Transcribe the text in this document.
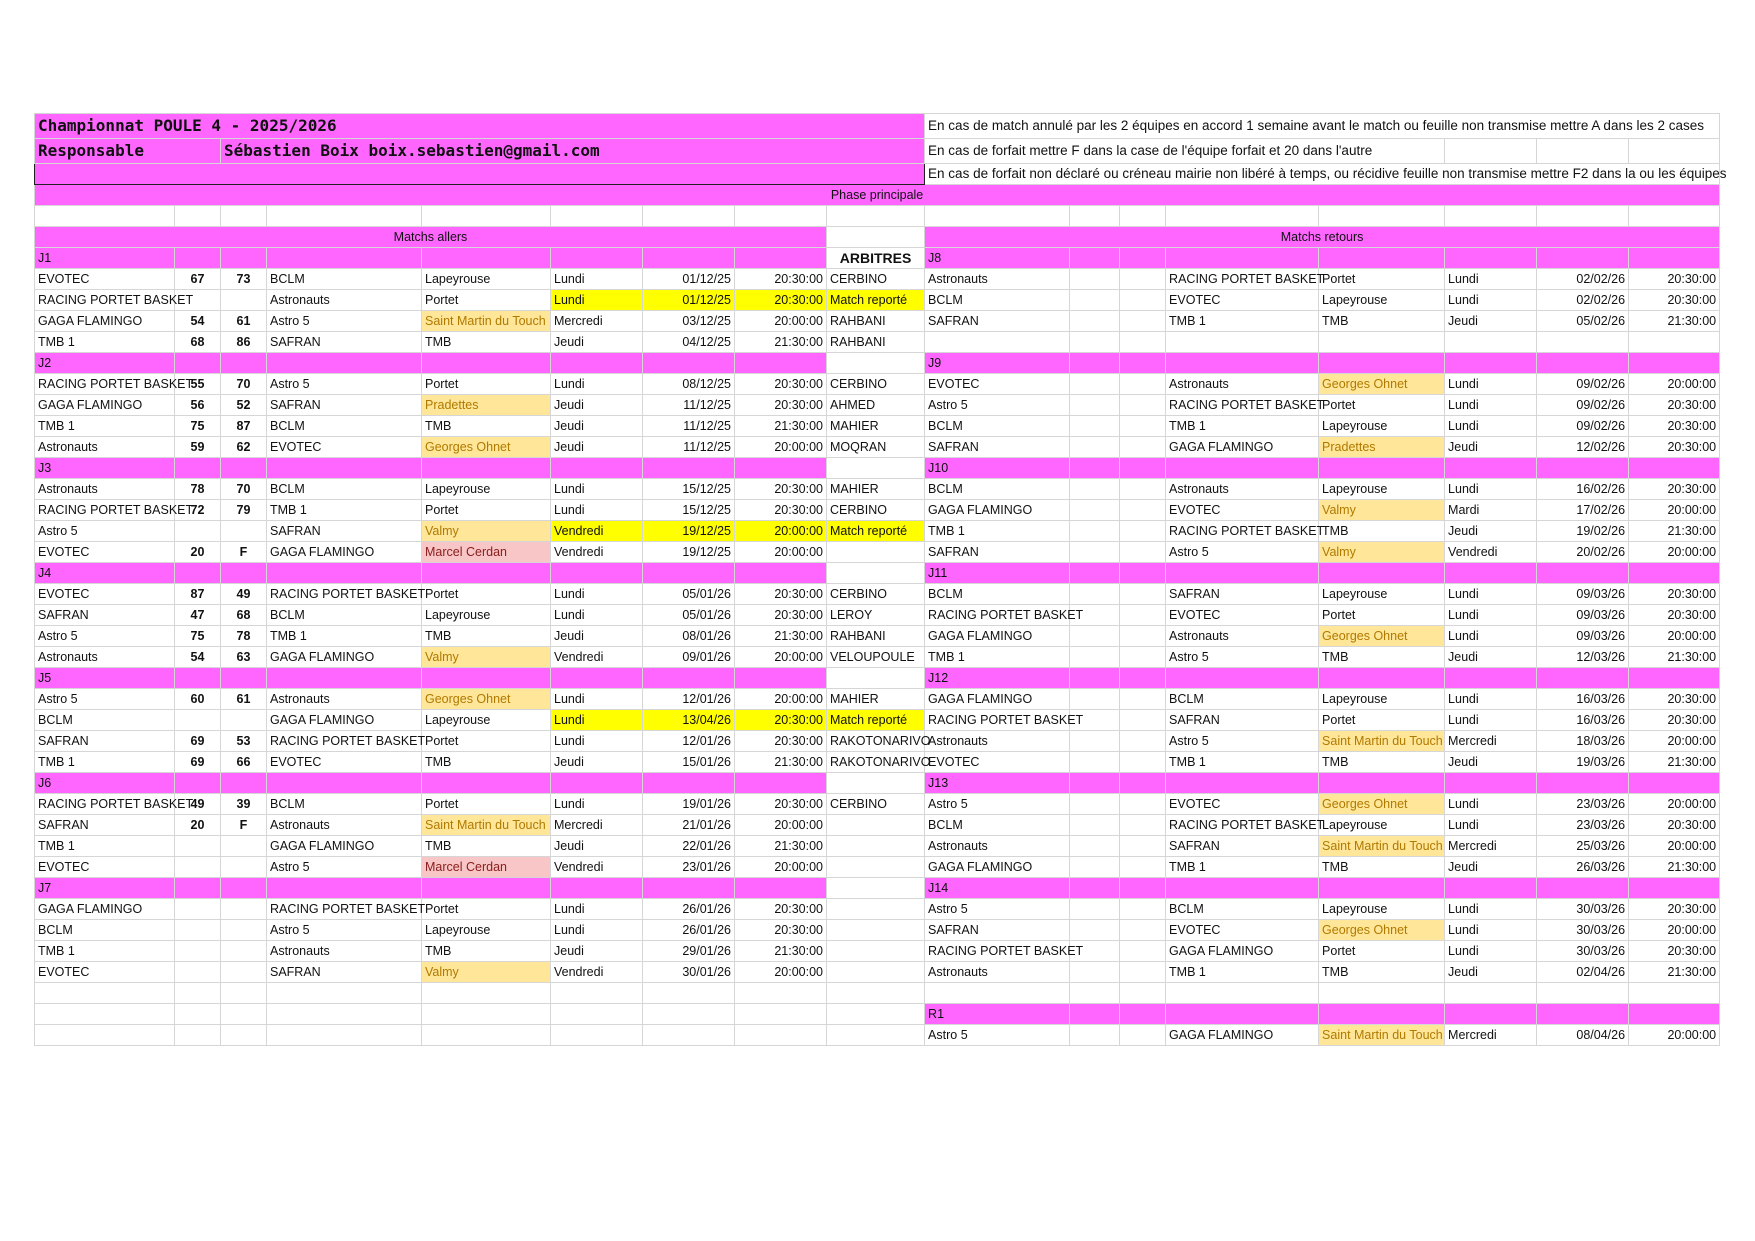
Championnat POULE 4 - 2025/2026									En cas de match annulé par les 2 équipes en accord 1 semaine avant le match ou feuille non transmise mettre A dans les 2 cases							
Responsable		Sébastien Boix boix.sebastien@gmail.com							En cas de forfait mettre F dans la case de l'équipe forfait et 20 dans l'autre							
									En cas de forfait non déclaré ou créneau mairie non libéré à temps, ou récidive feuille non transmise mettre F2 dans la ou les équipes							
Phase principale																

Matchs allers									Matchs retours							
J1								ARBITRES	J8							
EVOTEC	67	73	BCLM	Lapeyrouse	Lundi	01/12/25	20:30:00	CERBINO	Astronauts			RACING PORTET BASKET	Portet	Lundi	02/02/26	20:30:00
RACING PORTET BASKET			Astronauts	Portet	Lundi	01/12/25	20:30:00	Match reporté	BCLM			EVOTEC	Lapeyrouse	Lundi	02/02/26	20:30:00
GAGA FLAMINGO	54	61	Astro 5	Saint Martin du Touch	Mercredi	03/12/25	20:00:00	RAHBANI	SAFRAN			TMB 1	TMB	Jeudi	05/02/26	21:30:00
TMB 1	68	86	SAFRAN	TMB	Jeudi	04/12/25	21:30:00	RAHBANI								
J2									J9							
RACING PORTET BASKET	55	70	Astro 5	Portet	Lundi	08/12/25	20:30:00	CERBINO	EVOTEC			Astronauts	Georges Ohnet	Lundi	09/02/26	20:00:00
GAGA FLAMINGO	56	52	SAFRAN	Pradettes	Jeudi	11/12/25	20:30:00	AHMED	Astro 5			RACING PORTET BASKET	Portet	Lundi	09/02/26	20:30:00
TMB 1	75	87	BCLM	TMB	Jeudi	11/12/25	21:30:00	MAHIER	BCLM			TMB 1	Lapeyrouse	Lundi	09/02/26	20:30:00
Astronauts	59	62	EVOTEC	Georges Ohnet	Jeudi	11/12/25	20:00:00	MOQRAN	SAFRAN			GAGA FLAMINGO	Pradettes	Jeudi	12/02/26	20:30:00
J3									J10							
Astronauts	78	70	BCLM	Lapeyrouse	Lundi	15/12/25	20:30:00	MAHIER	BCLM			Astronauts	Lapeyrouse	Lundi	16/02/26	20:30:00
RACING PORTET BASKET	72	79	TMB 1	Portet	Lundi	15/12/25	20:30:00	CERBINO	GAGA FLAMINGO			EVOTEC	Valmy	Mardi	17/02/26	20:00:00
Astro 5			SAFRAN	Valmy	Vendredi	19/12/25	20:00:00	Match reporté	TMB 1			RACING PORTET BASKET	TMB	Jeudi	19/02/26	21:30:00
EVOTEC	20	F	GAGA FLAMINGO	Marcel Cerdan	Vendredi	19/12/25	20:00:00		SAFRAN			Astro 5	Valmy	Vendredi	20/02/26	20:00:00
J4									J11							
EVOTEC	87	49	RACING PORTET BASKET	Portet	Lundi	05/01/26	20:30:00	CERBINO	BCLM			SAFRAN	Lapeyrouse	Lundi	09/03/26	20:30:00
SAFRAN	47	68	BCLM	Lapeyrouse	Lundi	05/01/26	20:30:00	LEROY	RACING PORTET BASKET			EVOTEC	Portet	Lundi	09/03/26	20:30:00
Astro 5	75	78	TMB 1	TMB	Jeudi	08/01/26	21:30:00	RAHBANI	GAGA FLAMINGO			Astronauts	Georges Ohnet	Lundi	09/03/26	20:00:00
Astronauts	54	63	GAGA FLAMINGO	Valmy	Vendredi	09/01/26	20:00:00	VELOUPOULE	TMB 1			Astro 5	TMB	Jeudi	12/03/26	21:30:00
J5									J12							
Astro 5	60	61	Astronauts	Georges Ohnet	Lundi	12/01/26	20:00:00	MAHIER	GAGA FLAMINGO			BCLM	Lapeyrouse	Lundi	16/03/26	20:30:00
BCLM			GAGA FLAMINGO	Lapeyrouse	Lundi	13/04/26	20:30:00	Match reporté	RACING PORTET BASKET			SAFRAN	Portet	Lundi	16/03/26	20:30:00
SAFRAN	69	53	RACING PORTET BASKET	Portet	Lundi	12/01/26	20:30:00	RAKOTONARIVO	Astronauts			Astro 5	Saint Martin du Touch	Mercredi	18/03/26	20:00:00
TMB 1	69	66	EVOTEC	TMB	Jeudi	15/01/26	21:30:00	RAKOTONARIVO	EVOTEC			TMB 1	TMB	Jeudi	19/03/26	21:30:00
J6									J13							
RACING PORTET BASKET	49	39	BCLM	Portet	Lundi	19/01/26	20:30:00	CERBINO	Astro 5			EVOTEC	Georges Ohnet	Lundi	23/03/26	20:00:00
SAFRAN	20	F	Astronauts	Saint Martin du Touch	Mercredi	21/01/26	20:00:00		BCLM			RACING PORTET BASKET	Lapeyrouse	Lundi	23/03/26	20:30:00
TMB 1			GAGA FLAMINGO	TMB	Jeudi	22/01/26	21:30:00		Astronauts			SAFRAN	Saint Martin du Touch	Mercredi	25/03/26	20:00:00
EVOTEC			Astro 5	Marcel Cerdan	Vendredi	23/01/26	20:00:00		GAGA FLAMINGO			TMB 1	TMB	Jeudi	26/03/26	21:30:00
J7									J14							
GAGA FLAMINGO			RACING PORTET BASKET	Portet	Lundi	26/01/26	20:30:00		Astro 5			BCLM	Lapeyrouse	Lundi	30/03/26	20:30:00
BCLM			Astro 5	Lapeyrouse	Lundi	26/01/26	20:30:00		SAFRAN			EVOTEC	Georges Ohnet	Lundi	30/03/26	20:00:00
TMB 1			Astronauts	TMB	Jeudi	29/01/26	21:30:00		RACING PORTET BASKET			GAGA FLAMINGO	Portet	Lundi	30/03/26	20:30:00
EVOTEC			SAFRAN	Valmy	Vendredi	30/01/26	20:00:00		Astronauts			TMB 1	TMB	Jeudi	02/04/26	21:30:00

									R1							
									Astro 5			GAGA FLAMINGO	Saint Martin du Touch	Mercredi	08/04/26	20:00:00
